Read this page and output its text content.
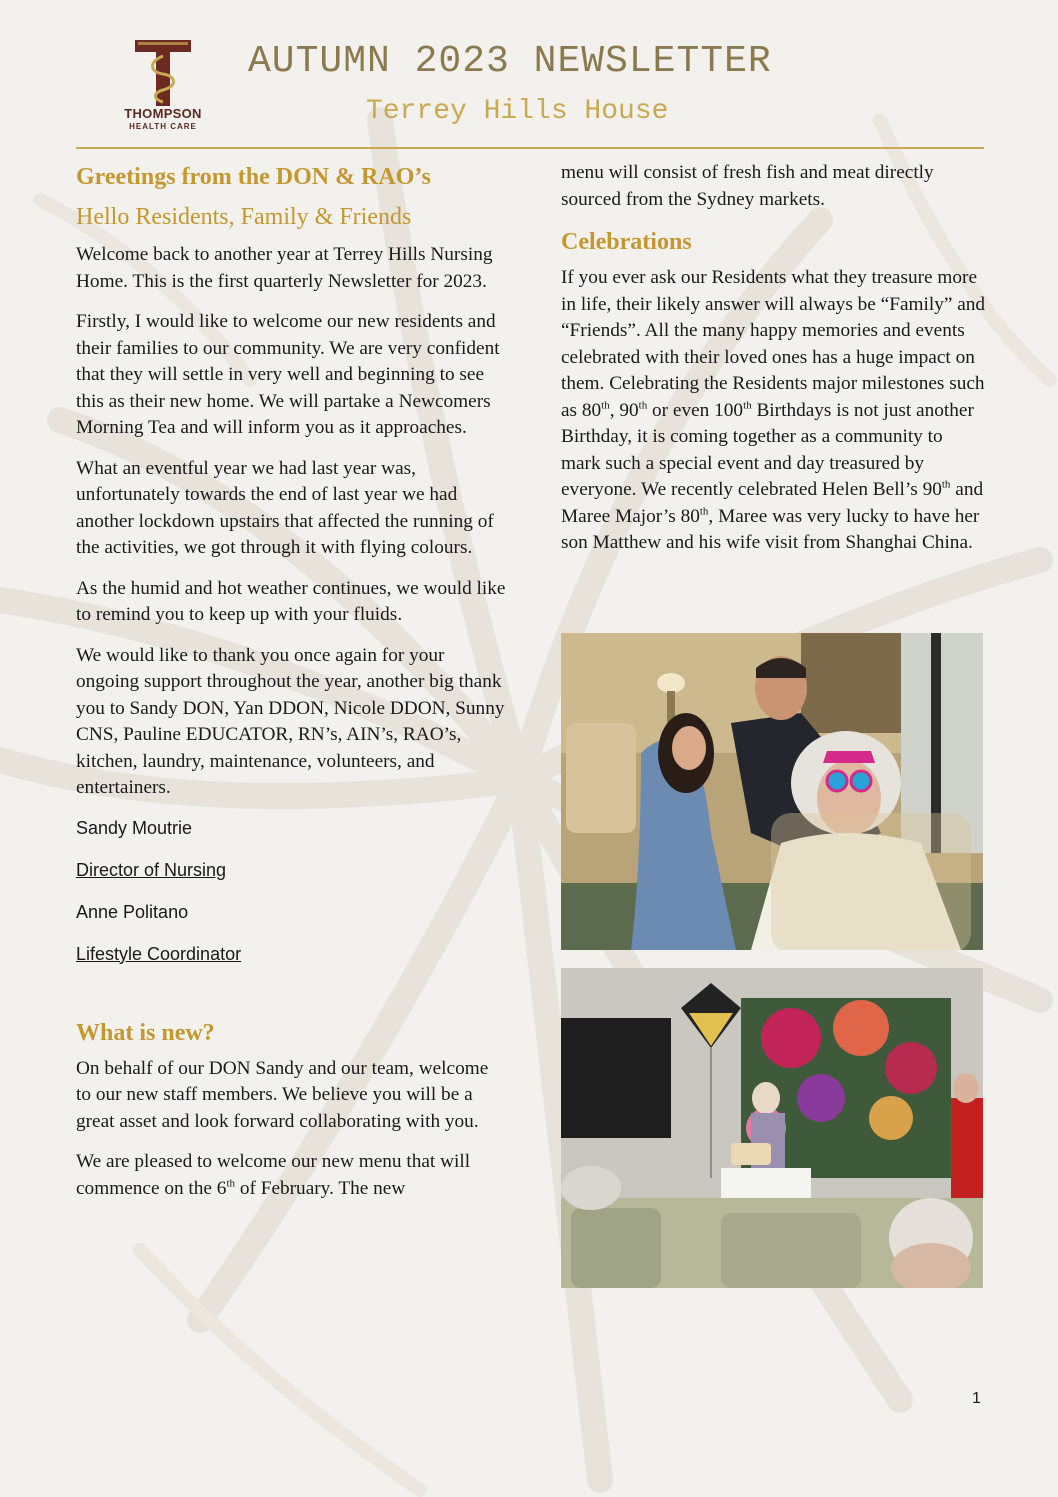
THOMPSON
HEALTH CARE
AUTUMN 2023 NEWSLETTER
Terrey Hills House
Greetings from the DON & RAO’s
Hello Residents, Family & Friends

Welcome back to another year at Terrey Hills Nursing Home. This is the first quarterly Newsletter for 2023.

Firstly, I would like to welcome our new residents and their families to our community. We are very confident that they will settle in very well and beginning to see this as their new home. We will partake a Newcomers Morning Tea and will inform you as it approaches.

What an eventful year we had last year was, unfortunately towards the end of last year we had another lockdown upstairs that affected the running of the activities, we got through it with flying colours.

As the humid and hot weather continues, we would like to remind you to keep up with your fluids.

We would like to thank you once again for your ongoing support throughout the year, another big thank you to Sandy DON, Yan DDON, Nicole DDON, Sunny CNS, Pauline EDUCATOR, RN’s, AIN’s, RAO’s, kitchen, laundry, maintenance, volunteers, and entertainers.

Sandy Moutrie

Director of Nursing

Anne Politano

Lifestyle Coordinator

What is new?

On behalf of our DON Sandy and our team, welcome to our new staff members. We believe you will be a great asset and look forward collaborating with you.

We are pleased to welcome our new menu that will commence on the 6th of February. The new

menu will consist of fresh fish and meat directly sourced from the Sydney markets.

Celebrations

If you ever ask our Residents what they treasure more in life, their likely answer will always be “Family” and “Friends”. All the many happy memories and events celebrated with their loved ones has a huge impact on them. Celebrating the Residents major milestones such as 80th, 90th or even 100th Birthdays is not just another Birthday, it is coming together as a community to mark such a special event and day treasured by everyone. We recently celebrated Helen Bell’s 90th and Maree Major’s 80th, Maree was very lucky to have her son Matthew and his wife visit from Shanghai China.

1
